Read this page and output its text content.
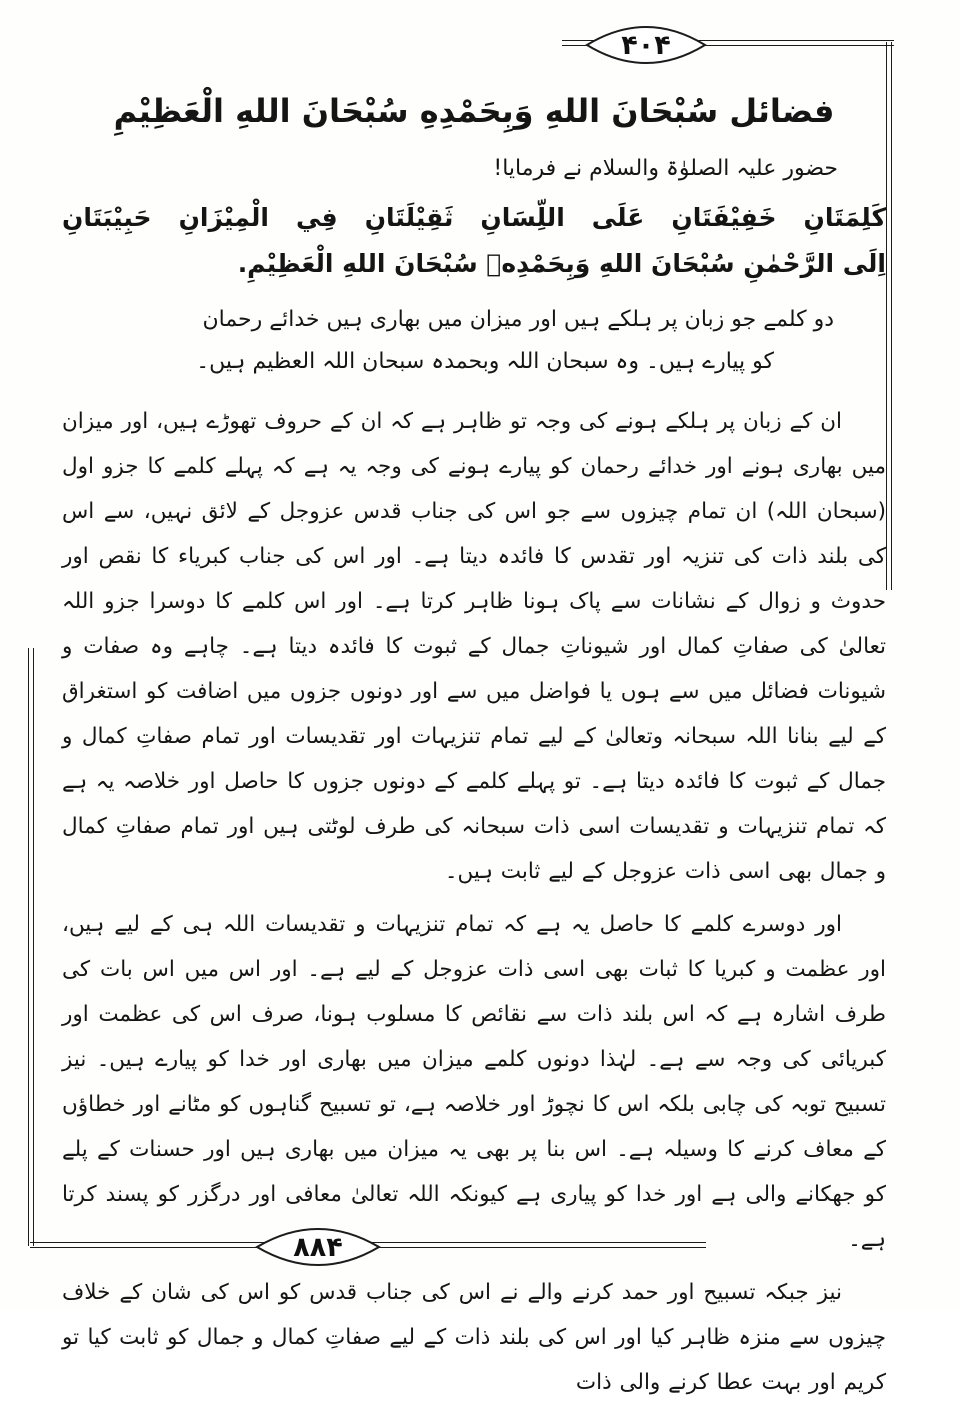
۴۰۴
۸۸۴
فضائل سُبْحَانَ اللهِ وَبِحَمْدِهِ سُبْحَانَ اللهِ الْعَظِيْمِ

حضور علیہ الصلوٰۃ والسلام نے فرمایا!

كَلِمَتَانِ خَفِيْفَتَانِ عَلَى اللِّسَانِ ثَقِيْلَتَانِ فِي الْمِيْزَانِ حَبِيْبَتَانِ
اِلَى الرَّحْمٰنِ سُبْحَانَ اللهِ وَبِحَمْدِهٖ سُبْحَانَ اللهِ الْعَظِيْمِ.
دو کلمے جو زبان پر ہلکے ہیں اور میزان میں بھاری ہیں خدائے رحمان
کو پیارے ہیں۔ وہ سبحان اللہ وبحمدہ سبحان اللہ العظیم ہیں۔

ان کے زبان پر ہلکے ہونے کی وجہ تو ظاہر ہے کہ ان کے حروف تھوڑے ہیں، اور میزان میں بھاری ہونے اور خدائے رحمان کو پیارے ہونے کی وجہ یہ ہے کہ پہلے کلمے کا جزو اول (سبحان اللہ) ان تمام چیزوں سے جو اس کی جناب قدس عزوجل کے لائق نہیں، سے اس کی بلند ذات کی تنزیہ اور تقدس کا فائدہ دیتا ہے۔ اور اس کی جناب کبریاء کا نقص اور حدوث و زوال کے نشانات سے پاک ہونا ظاہر کرتا ہے۔ اور اس کلمے کا دوسرا جزو اللہ تعالیٰ کی صفاتِ کمال اور شیوناتِ جمال کے ثبوت کا فائدہ دیتا ہے۔ چاہے وہ صفات و شیونات فضائل میں سے ہوں یا فواضل میں سے اور دونوں جزوں میں اضافت کو استغراق کے لیے بنانا اللہ سبحانہ وتعالیٰ کے لیے تمام تنزیہات اور تقدیسات اور تمام صفاتِ کمال و جمال کے ثبوت کا فائدہ دیتا ہے۔ تو پہلے کلمے کے دونوں جزوں کا حاصل اور خلاصہ یہ ہے کہ تمام تنزیہات و تقدیسات اسی ذات سبحانہ کی طرف لوٹتی ہیں اور تمام صفاتِ کمال و جمال بھی اسی ذات عزوجل کے لیے ثابت ہیں۔

اور دوسرے کلمے کا حاصل یہ ہے کہ تمام تنزیہات و تقدیسات اللہ ہی کے لیے ہیں، اور عظمت و کبریا کا ثبات بھی اسی ذات عزوجل کے لیے ہے۔ اور اس میں اس بات کی طرف اشارہ ہے کہ اس بلند ذات سے نقائص کا مسلوب ہونا، صرف اس کی عظمت اور کبریائی کی وجہ سے ہے۔ لہٰذا دونوں کلمے میزان میں بھاری اور خدا کو پیارے ہیں۔ نیز تسبیح توبہ کی چابی بلکہ اس کا نچوڑ اور خلاصہ ہے، تو تسبیح گناہوں کو مٹانے اور خطاؤں کے معاف کرنے کا وسیلہ ہے۔ اس بنا پر بھی یہ میزان میں بھاری ہیں اور حسنات کے پلے کو جھکانے والی ہے اور خدا کو پیاری ہے کیونکہ اللہ تعالیٰ معافی اور درگزر کو پسند کرتا ہے۔

نیز جبکہ تسبیح اور حمد کرنے والے نے اس کی جناب قدس کو اس کی شان کے خلاف چیزوں سے منزہ ظاہر کیا اور اس کی بلند ذات کے لیے صفاتِ کمال و جمال کو ثابت کیا تو کریم اور بہت عطا کرنے والی ذات
